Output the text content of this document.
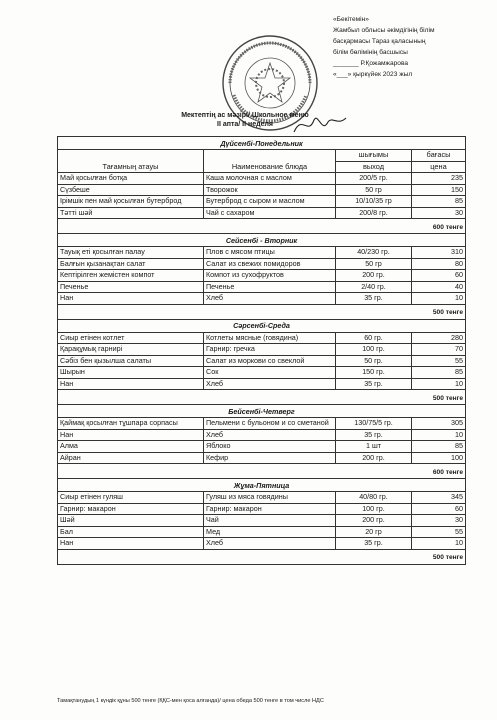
«Бекітемін»
Жамбыл облысы әкімдігінің білім
басқармасы Тараз қаласының
білім бөлімінің басшысы
_______ Р.Қожамжарова
«___» қыркүйек 2023 жыл
Мектептің ас мәзірі/ Школьное меню
II апта/ II неделя
Дүйсенбі-Понедельник			
Тағамның атауы	Наименование блюда	шығымы	бағасы
		выход	цена
Май қосылған ботқа	Каша молочная с маслом	200/5 гр.	235
Сүзбеше	Творожок	50 гр	150
Ірімшік пен май қосылған бутерброд	Бутерброд с сыром и маслом	10/10/35 гр	85
Тәтті шәй	Чай с сахаром	200/8 гр.	30
600 тенге			
Сейсенбі - Вторник			
Тауық еті қосылған палау	Плов с мясом птицы	40/230 гр.	310
Балғын қызанақтан салат	Салат из свежих помидоров	50 гр	80
Кептірілген жемістен компот	Компот из сухофруктов	200 гр.	60
Печенье	Печенье	2/40 гр.	40
Нан	Хлеб	35 гр.	10
500 тенге			
Сәрсенбі-Среда			
Сиыр етінен котлет	Котлеты мясные (говядина)	60 гр.	280
Қарақұмық гарнирі	Гарнир: гречка	100 гр.	70
Сәбіз бен қызылша салаты	Салат из моркови со свеклой	50 гр.	55
Шырын	Сок	150 гр.	85
Нан	Хлеб	35 гр.	10
500 тенге			
Бейсенбі-Четверг			
Қаймақ қосылған тұшпара сорпасы	Пельмени с бульоном и со сметаной	130/75/5 гр.	305
Нан	Хлеб	35 гр.	10
Алма	Яблоко	1 шт	85
Айран	Кефир	200 гр.	100
600 тенге			
Жұма-Пятница			
Сиыр етінен гуляш	Гуляш из мяса говядины	40/80 гр.	345
Гарнир: макарон	Гарнир: макарон	100 гр.	60
Шәй	Чай	200 гр.	30
Бал	Мед	20 гр	55
Нан	Хлеб	35 гр.	10
500 тенге			
Тамақтанудың 1 күндік құны 500 тенге (ҚҚС-мен қоса алғанда)/ цена обеда 500 тенге в том числе НДС
